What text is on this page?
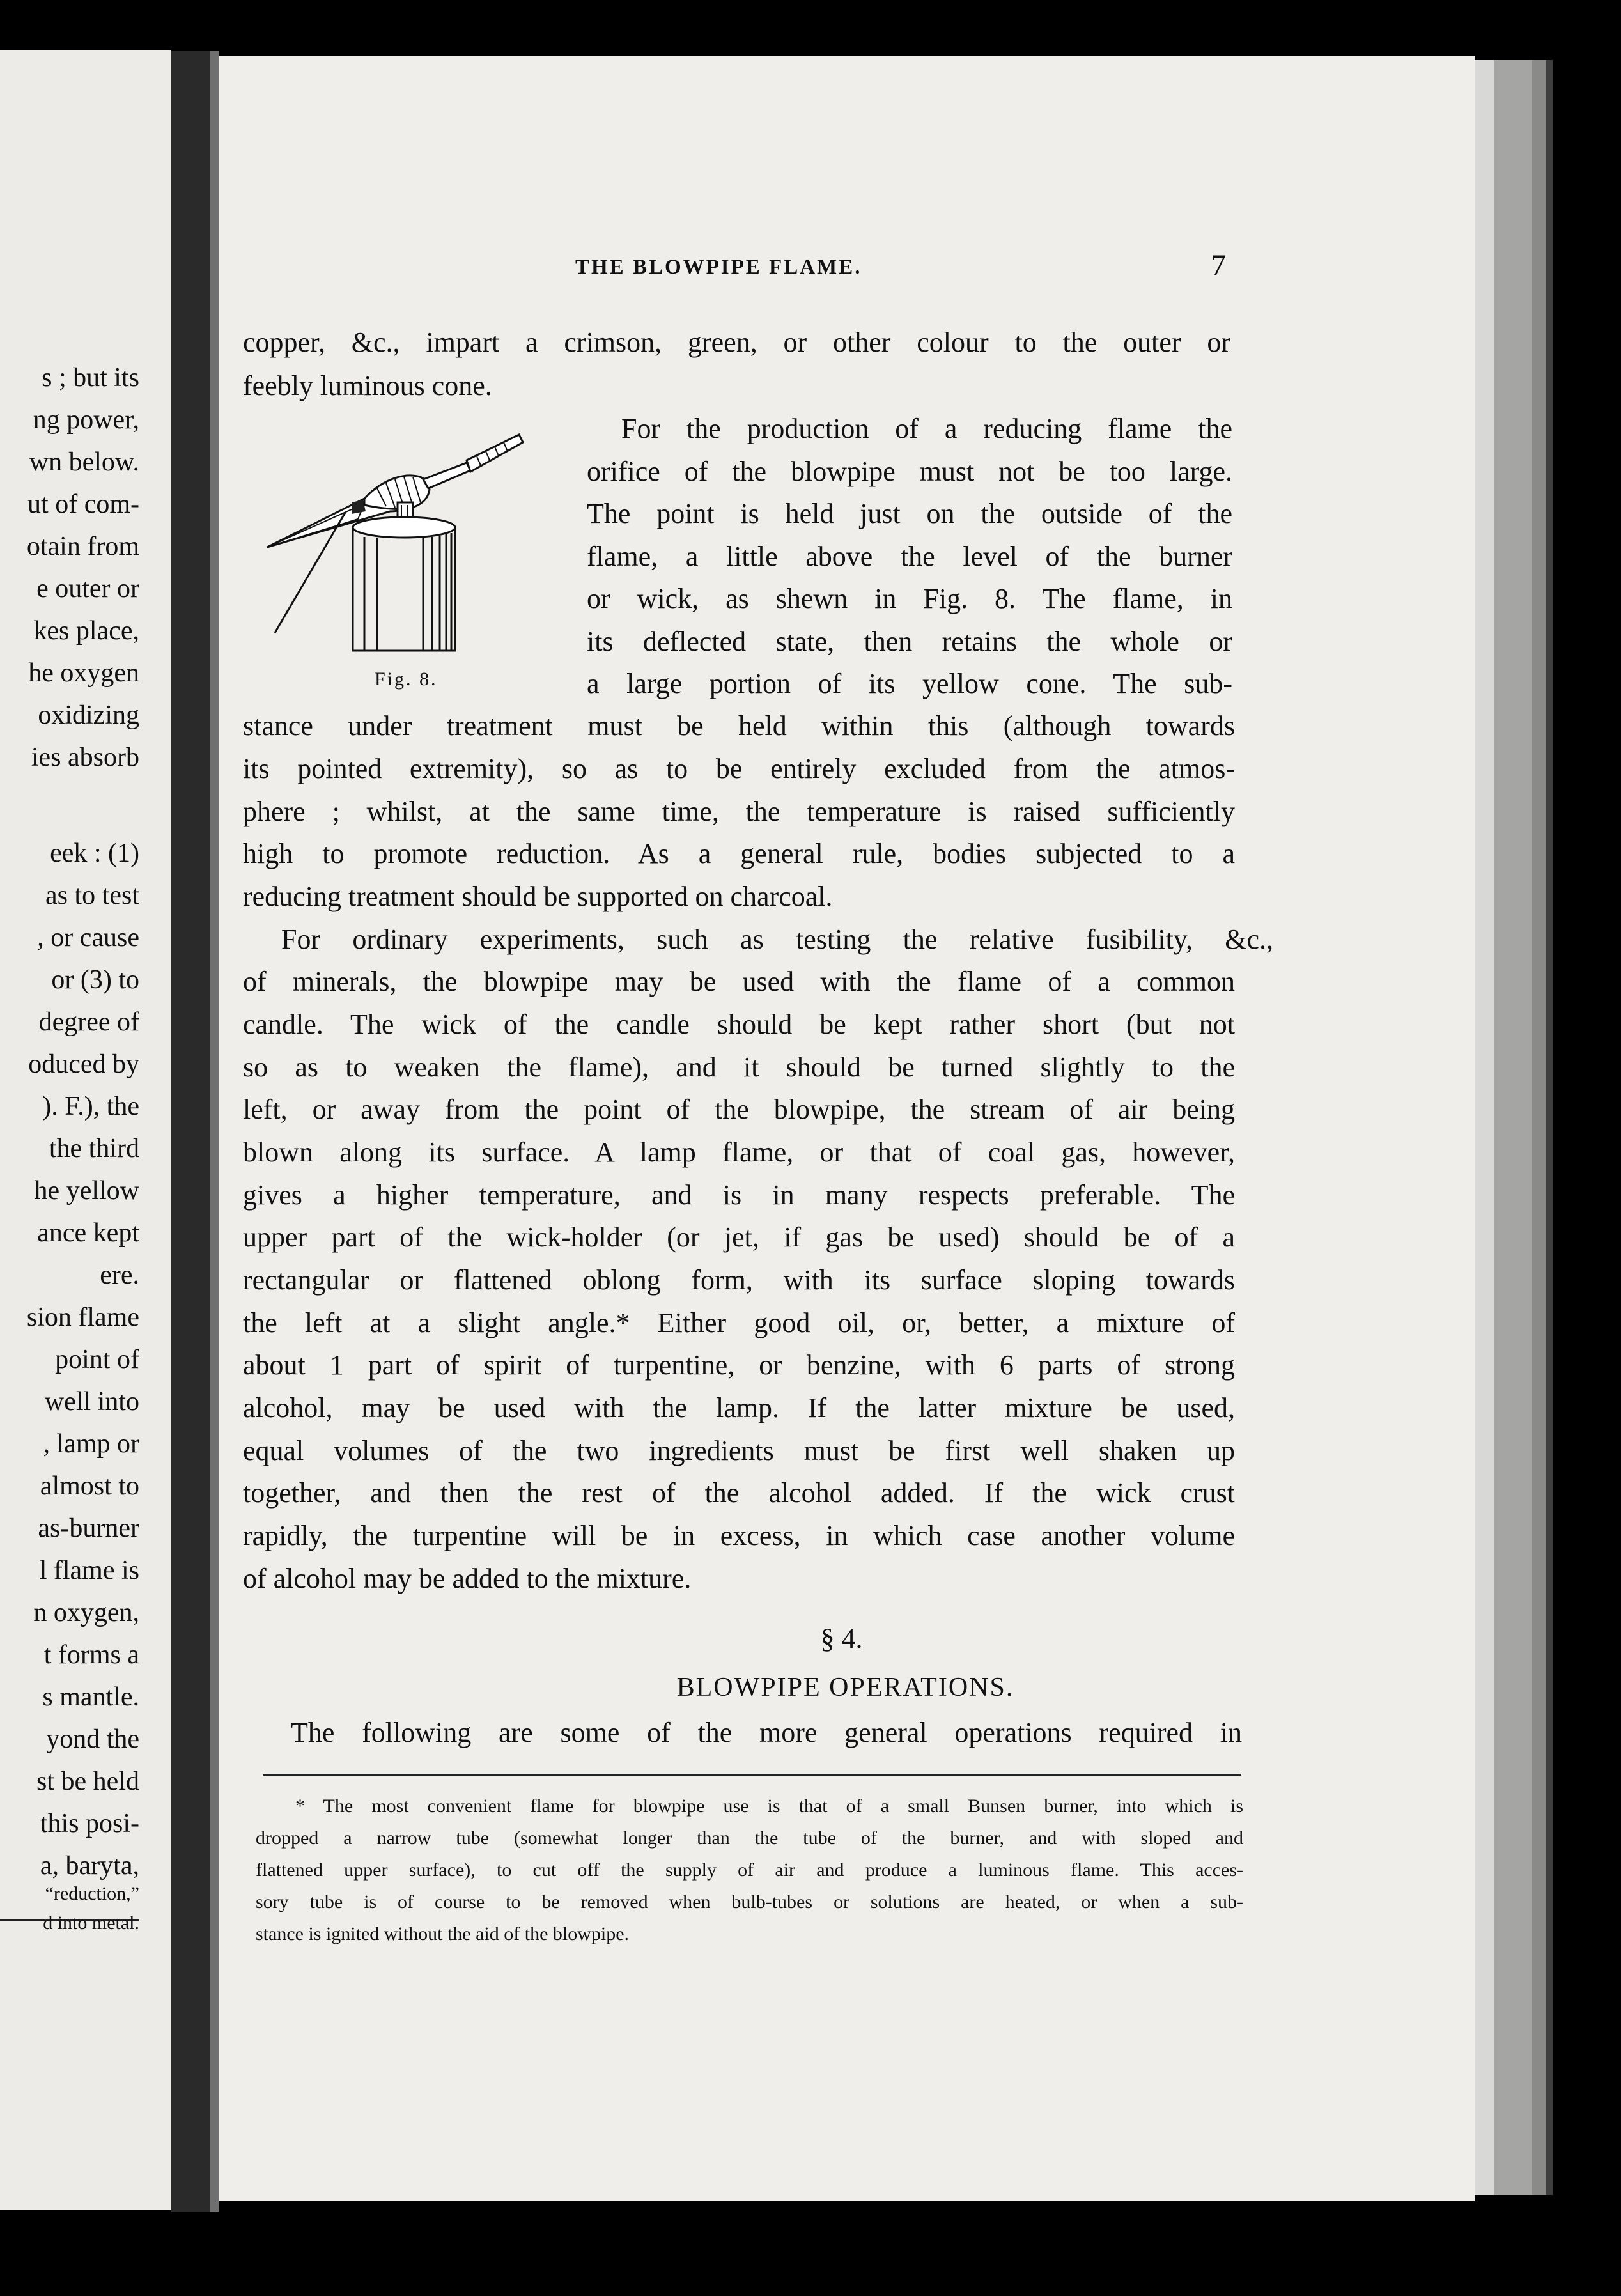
s ; but its
ng power,
wn below.
ut of com-
otain from
e outer or
kes place,
he oxygen
oxidizing
ies absorb
eek : (1)
as to test
, or cause
or (3) to
degree of
oduced by
). F.), the
the third
he yellow
ance kept
ere.
sion flame
point of
well into
, lamp or
almost to
as-burner
l flame is
n oxygen,
t forms a
s mantle.
yond the
st be held
this posi-
a, baryta,
“reduction,”
d into metal.
THE BLOWPIPE FLAME.	7
Fig. 8.
copper, &c., impart a crimson, green, or other colour to the outer or
feebly luminous cone.
For the production of a reducing flame the
orifice of the blowpipe must not be too large.
The point is held just on the outside of the
flame, a little above the level of the burner
or wick, as shewn in Fig. 8. The flame, in
its deflected state, then retains the whole or
a large portion of its yellow cone. The sub-
stance under treatment must be held within this (although towards
its pointed extremity), so as to be entirely excluded from the atmos-
phere ; whilst, at the same time, the temperature is raised sufficiently
high to promote reduction. As a general rule, bodies subjected to a
reducing treatment should be supported on charcoal.
For ordinary experiments, such as testing the relative fusibility, &c.,
of minerals, the blowpipe may be used with the flame of a common
candle. The wick of the candle should be kept rather short (but not
so as to weaken the flame), and it should be turned slightly to the
left, or away from the point of the blowpipe, the stream of air being
blown along its surface. A lamp flame, or that of coal gas, however,
gives a higher temperature, and is in many respects preferable. The
upper part of the wick-holder (or jet, if gas be used) should be of a
rectangular or flattened oblong form, with its surface sloping towards
the left at a slight angle.* Either good oil, or, better, a mixture of
about 1 part of spirit of turpentine, or benzine, with 6 parts of strong
alcohol, may be used with the lamp. If the latter mixture be used,
equal volumes of the two ingredients must be first well shaken up
together, and then the rest of the alcohol added. If the wick crust
rapidly, the turpentine will be in excess, in which case another volume
of alcohol may be added to the mixture.
§ 4.
BLOWPIPE OPERATIONS.
The following are some of the more general operations required in
* The most convenient flame for blowpipe use is that of a small Bunsen burner, into which is
dropped a narrow tube (somewhat longer than the tube of the burner, and with sloped and
flattened upper surface), to cut off the supply of air and produce a luminous flame. This acces-
sory tube is of course to be removed when bulb-tubes or solutions are heated, or when a sub-
stance is ignited without the aid of the blowpipe.
